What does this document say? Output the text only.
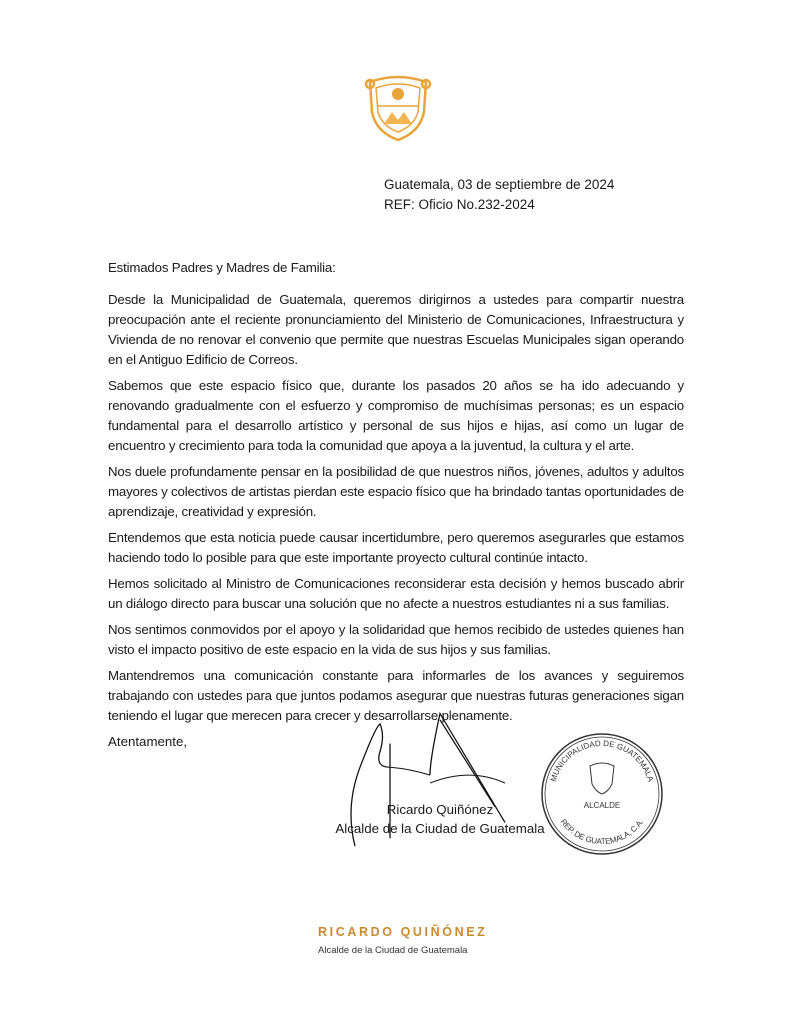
Guatemala, 03 de septiembre de 2024
REF: Oficio No.232-2024

Estimados Padres y Madres de Familia:

Desde la Municipalidad de Guatemala, queremos dirigirnos a ustedes para compartir nuestra preocupación ante el reciente pronunciamiento del Ministerio de Comunicaciones, Infraestructura y Vivienda de no renovar el convenio que permite que nuestras Escuelas Municipales sigan operando en el Antiguo Edificio de Correos.

Sabemos que este espacio físico que, durante los pasados 20 años se ha ido adecuando y renovando gradualmente con el esfuerzo y compromiso de muchísimas personas; es un espacio fundamental para el desarrollo artístico y personal de sus hijos e hijas, así como un lugar de encuentro y crecimiento para toda la comunidad que apoya a la juventud, la cultura y el arte.

Nos duele profundamente pensar en la posibilidad de que nuestros niños, jóvenes, adultos y adultos mayores y colectivos de artistas pierdan este espacio físico que ha brindado tantas oportunidades de aprendizaje, creatividad y expresión.

Entendemos que esta noticia puede causar incertidumbre, pero queremos asegurarles que estamos haciendo todo lo posible para que este importante proyecto cultural continúe intacto.

Hemos solicitado al Ministro de Comunicaciones reconsiderar esta decisión y hemos buscado abrir un diálogo directo para buscar una solución que no afecte a nuestros estudiantes ni a sus familias.

Nos sentimos conmovidos por el apoyo y la solidaridad que hemos recibido de ustedes quienes han visto el impacto positivo de este espacio en la vida de sus hijos y sus familias.

Mantendremos una comunicación constante para informarles de los avances y seguiremos trabajando con ustedes para que juntos podamos asegurar que nuestras futuras generaciones sigan teniendo el lugar que merecen para crecer y desarrollarse plenamente.

Atentamente,
Ricardo Quiñónez
Alcalde de la Ciudad de Guatemala
MUNICIPALIDAD DE GUATEMALA
REP. DE GUATEMALA, C.A.
ALCALDE
RICARDO QUIÑÓNEZ
Alcalde de la Ciudad de Guatemala
